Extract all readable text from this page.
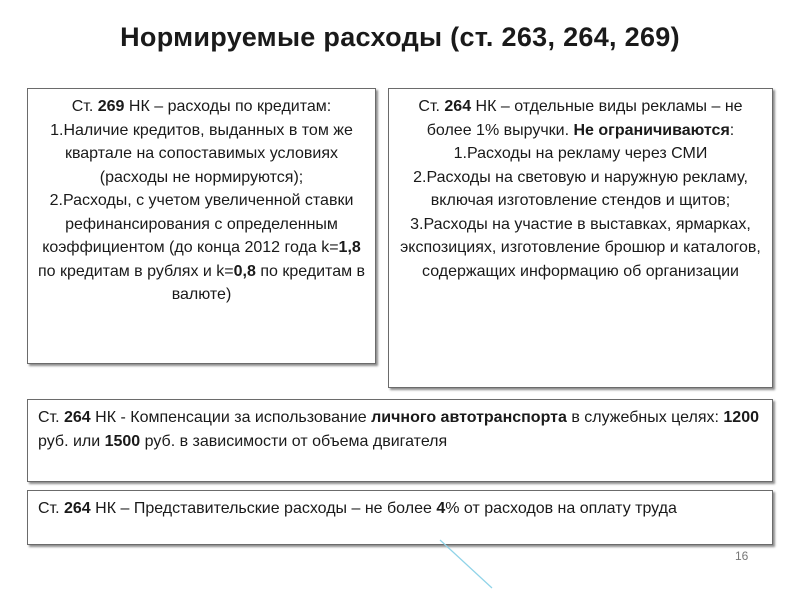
Нормируемые расходы (ст. 263, 264, 269)

Ст. 269 НК – расходы по кредитам:

1.Наличие кредитов, выданных в том же квартале на сопоставимых условиях (расходы не нормируются);

2.Расходы, с учетом увеличенной ставки рефинансирования с определенным коэффициентом (до конца 2012 года k=1,8 по кредитам в рублях и k=0,8 по кредитам в валюте)

Ст. 264 НК – отдельные виды рекламы – не более 1% выручки. Не ограничиваются:

1.Расходы на рекламу через СМИ

2.Расходы на световую и наружную рекламу, включая изготовление стендов и щитов;

3.Расходы на участие в выставках, ярмарках, экспозициях, изготовление брошюр и каталогов, содержащих информацию об организации

Ст. 264 НК - Компенсации за использование личного автотранспорта в служебных целях: 1200 руб. или 1500 руб. в зависимости от объема двигателя
Ст. 264 НК – Представительские расходы – не более 4% от расходов на оплату труда
16
